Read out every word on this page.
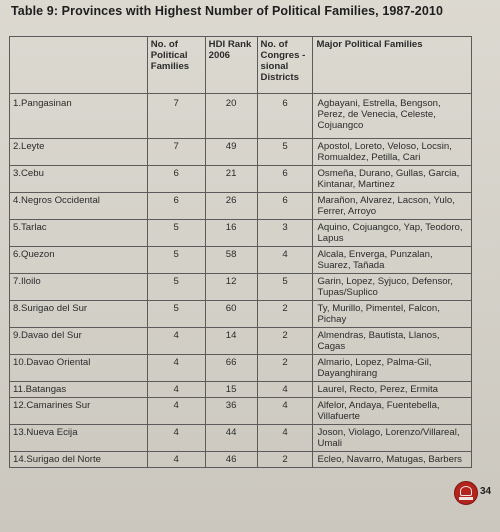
Table 9: Provinces with Highest Number of Political Families, 1987-2010
	No. of Political Families	HDI Rank 2006	No. of Congres -sional Districts	Major Political Families
1.Pangasinan	7	20	6	Agbayani, Estrella, Bengson, Perez, de Venecia, Celeste, Cojuangco
2.Leyte	7	49	5	Apostol, Loreto, Veloso, Locsin, Romualdez, Petilla, Cari
3.Cebu	6	21	6	Osmeña, Durano, Gullas, Garcia, Kintanar, Martinez
4.Negros Occidental	6	26	6	Marañon, Alvarez, Lacson, Yulo, Ferrer, Arroyo
5.Tarlac	5	16	3	Aquino, Cojuangco, Yap, Teodoro, Lapus
6.Quezon	5	58	4	Alcala, Enverga, Punzalan, Suarez, Tañada
7.Iloilo	5	12	5	Garin, Lopez, Syjuco, Defensor, Tupas/Suplico
8.Surigao del Sur	5	60	2	Ty, Murillo, Pimentel, Falcon, Pichay
9.Davao del Sur	4	14	2	Almendras, Bautista, Llanos, Cagas
10.Davao Oriental	4	66	2	Almario, Lopez, Palma-Gil, Dayanghirang
11.Batangas	4	15	4	Laurel, Recto, Perez, Ermita
12.Camarines Sur	4	36	4	Alfelor, Andaya, Fuentebella, Villafuerte
13.Nueva Ecija	4	44	4	Joson, Violago, Lorenzo/Villareal, Umali
14.Surigao del Norte	4	46	2	Ecleo, Navarro, Matugas, Barbers
34
